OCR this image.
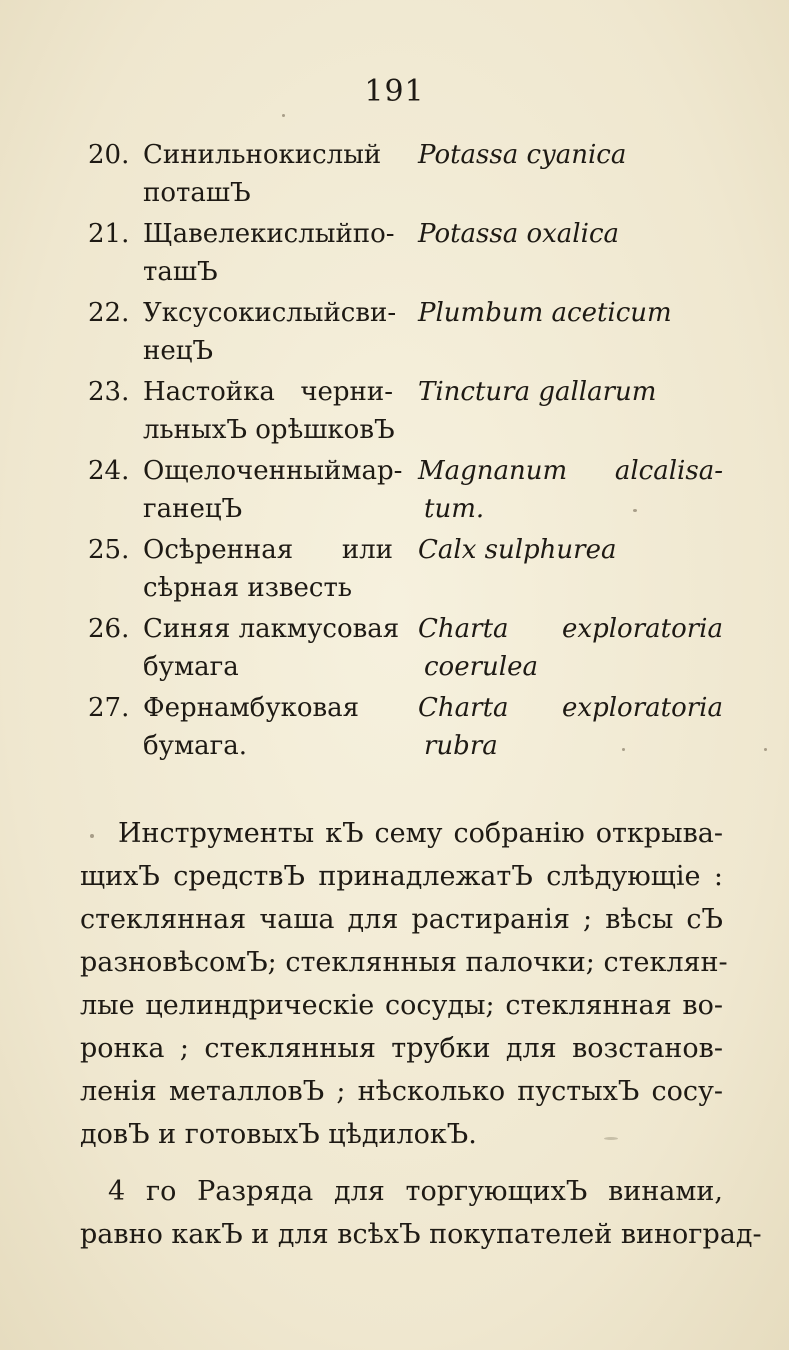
191
20. Синильнокислый
поташЪ
Potassa cyanica
21. Щавелекислыйпо-
ташЪ
Potassa oxalica
22. Уксусокислыйсви-
нецЪ
Plumbum aceticum
23. Настойка черни-
льныхЪ орѣшковЪ
Tinctura gallarum
24. Ощелоченныймар-
ганецЪ
Magnanum alcalisa-
tum.
25. Осѣренная или
сѣрная известь
Calx sulphurea
26. Синяя лакмусовая
бумага
Charta exploratoria
coerulea
27. Фернамбуковая
бумага.
Charta exploratoria
rubra
Инструменты кЪ сему собранію открыва-
щихЪ средствЪ принадлежатЪ слѣдующіе :
стеклянная чаша для растиранія ; вѣсы сЪ
разновѣсомЪ; стеклянныя палочки; стеклян-
лые целиндрическіе сосуды; стеклянная во-
ронка ; стеклянныя трубки для возстанов-
ленія металловЪ ; нѣсколько пустыхЪ сосу-
довЪ и готовыхЪ цѣдилокЪ.
4 го Разряда для торгующихЪ винами,
равно какЪ и для всѣхЪ покупателей виноград-
